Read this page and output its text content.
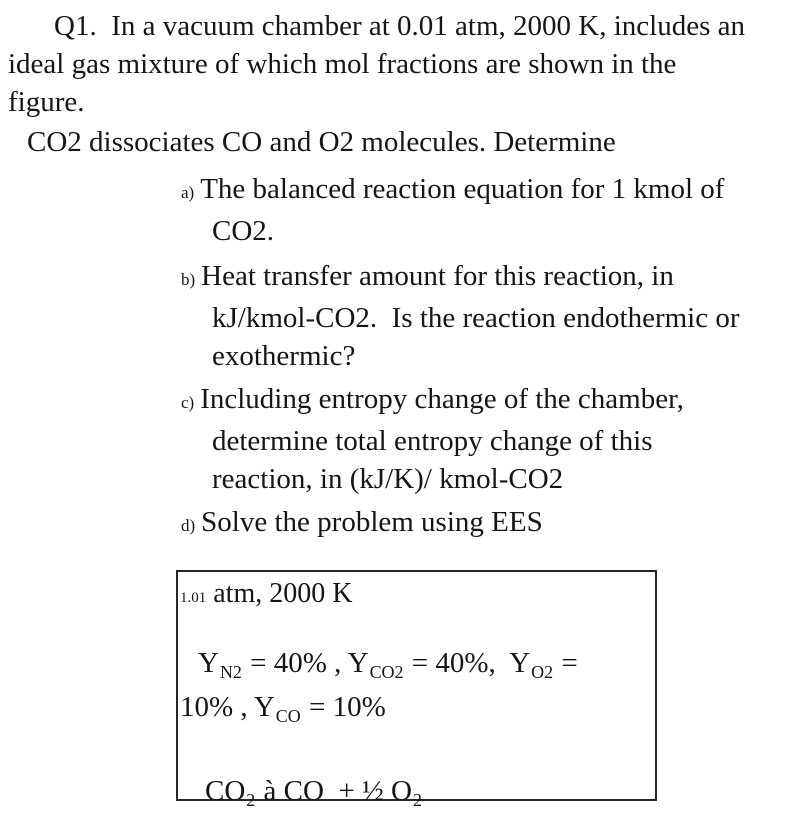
Q1.  In a vacuum chamber at 0.01 atm, 2000 K, includes an
ideal gas mixture of which mol fractions are shown in the
figure.
CO2 dissociates CO and O2 molecules. Determine
a) The balanced reaction equation for 1 kmol of
CO2.
b) Heat transfer amount for this reaction, in
kJ/kmol-CO2.  Is the reaction endothermic or
exothermic?
c) Including entropy change of the chamber,
determine total entropy change of this
reaction, in (kJ/K)/ kmol-CO2
d) Solve the problem using EES
1.01 atm, 2000 K
$Y_{N2} = 40\%$ , $Y_{CO2} = 40\%$,  $Y_{O2}$ =
10% , $Y_{CO} = 10\%$
$CO_2$ à CO  + ½ $O_2$
